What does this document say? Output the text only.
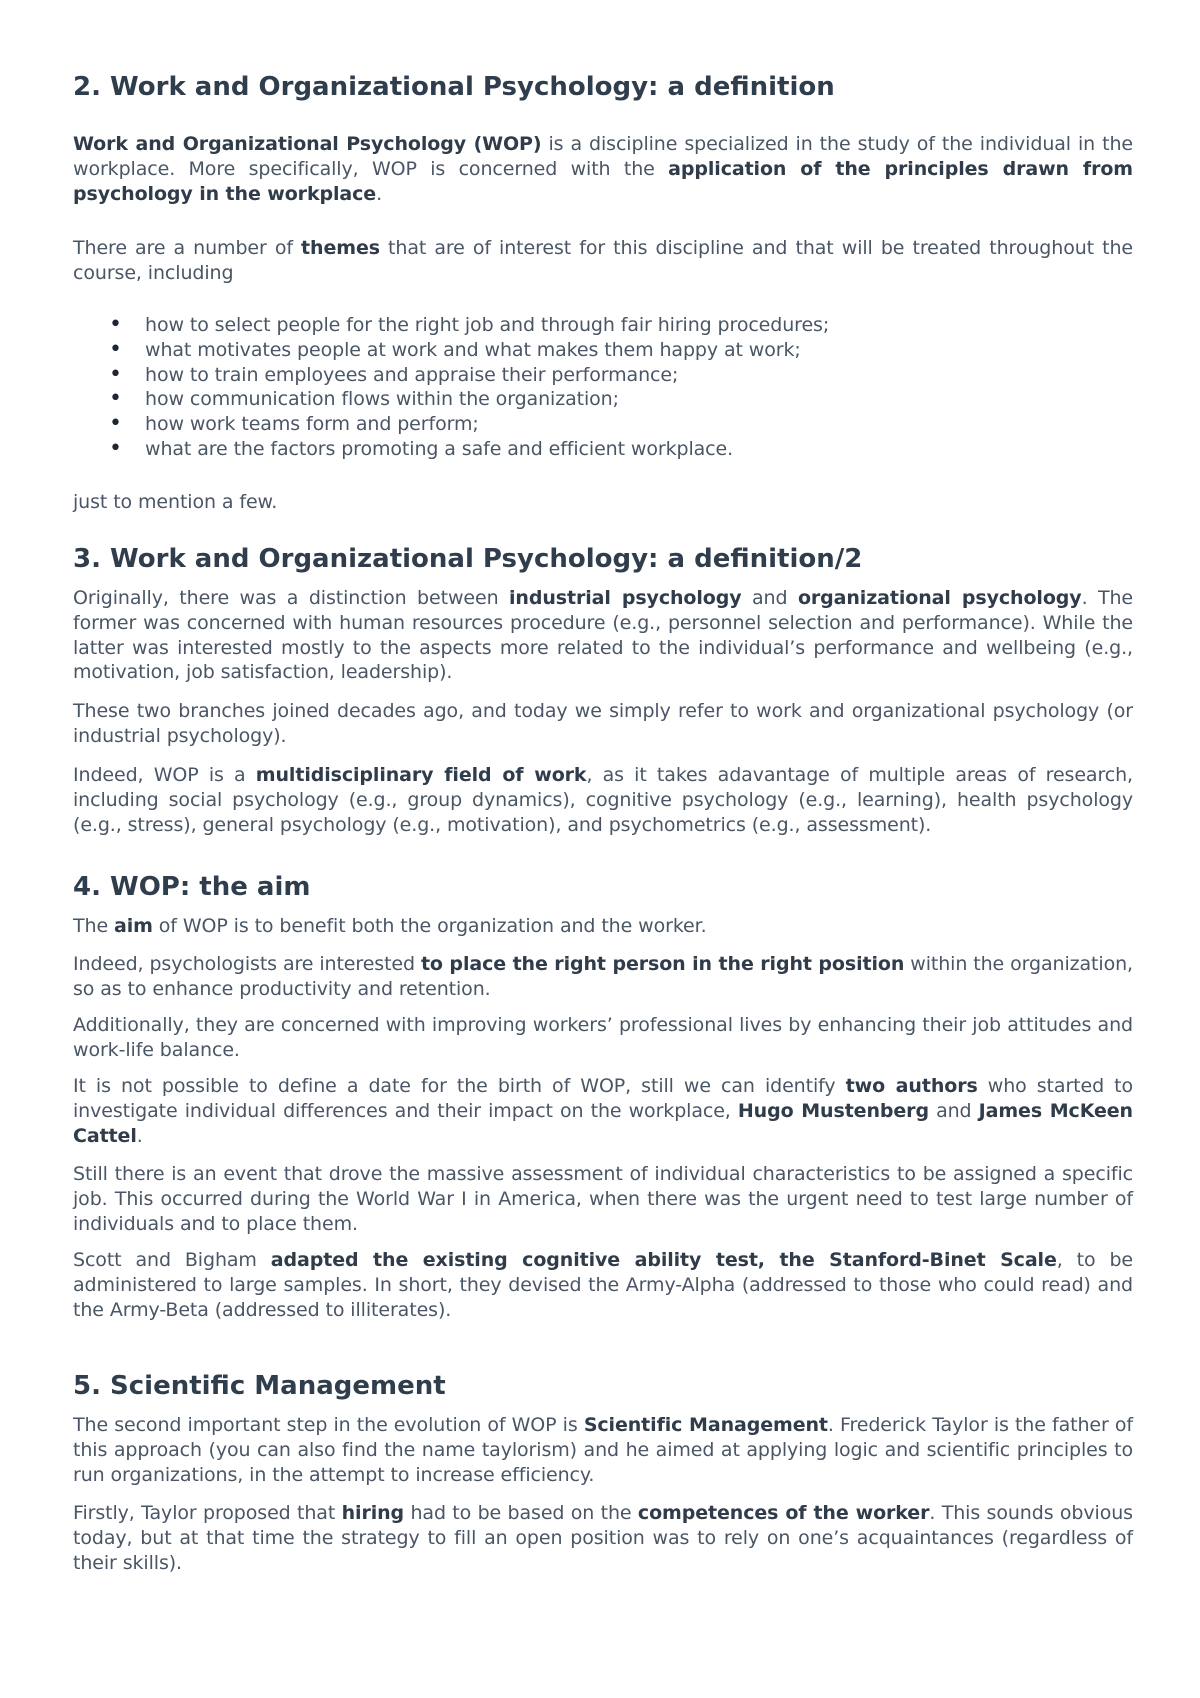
2. Work and Organizational Psychology: a definition

Work and Organizational Psychology (WOP) is a discipline specialized in the study of the individual in the workplace. More specifically, WOP is concerned with the application of the principles drawn from psychology in the workplace.

There are a number of themes that are of interest for this discipline and that will be treated throughout the course, including

• how to select people for the right job and through fair hiring procedures;
• what motivates people at work and what makes them happy at work;
• how to train employees and appraise their performance;
• how communication flows within the organization;
• how work teams form and perform;
• what are the factors promoting a safe and efficient workplace.

just to mention a few.

3. Work and Organizational Psychology: a definition/2

Originally, there was a distinction between industrial psychology and organizational psychology. The former was concerned with human resources procedure (e.g., personnel selection and performance). While the latter was interested mostly to the aspects more related to the individual’s performance and wellbeing (e.g., motivation, job satisfaction, leadership).

These two branches joined decades ago, and today we simply refer to work and organizational psychology (or industrial psychology).

Indeed, WOP is a multidisciplinary field of work, as it takes adavantage of multiple areas of research, including social psychology (e.g., group dynamics), cognitive psychology (e.g., learning), health psychology (e.g., stress), general psychology (e.g., motivation), and psychometrics (e.g., assessment).

4. WOP: the aim

The aim of WOP is to benefit both the organization and the worker.

Indeed, psychologists are interested to place the right person in the right position within the organization, so as to enhance productivity and retention.

Additionally, they are concerned with improving workers’ professional lives by enhancing their job attitudes and work-life balance.

It is not possible to define a date for the birth of WOP, still we can identify two authors who started to investigate individual differences and their impact on the workplace, Hugo Mustenberg and James McKeen Cattel.

Still there is an event that drove the massive assessment of individual characteristics to be assigned a specific job. This occurred during the World War I in America, when there was the urgent need to test large number of individuals and to place them.

Scott and Bigham adapted the existing cognitive ability test, the Stanford-Binet Scale, to be administered to large samples. In short, they devised the Army-Alpha (addressed to those who could read) and the Army-Beta (addressed to illiterates).

5. Scientific Management

The second important step in the evolution of WOP is Scientific Management. Frederick Taylor is the father of this approach (you can also find the name taylorism) and he aimed at applying logic and scientific principles to run organizations, in the attempt to increase efficiency.

Firstly, Taylor proposed that hiring had to be based on the competences of the worker. This sounds obvious today, but at that time the strategy to fill an open position was to rely on one’s acquaintances (regardless of their skills).
